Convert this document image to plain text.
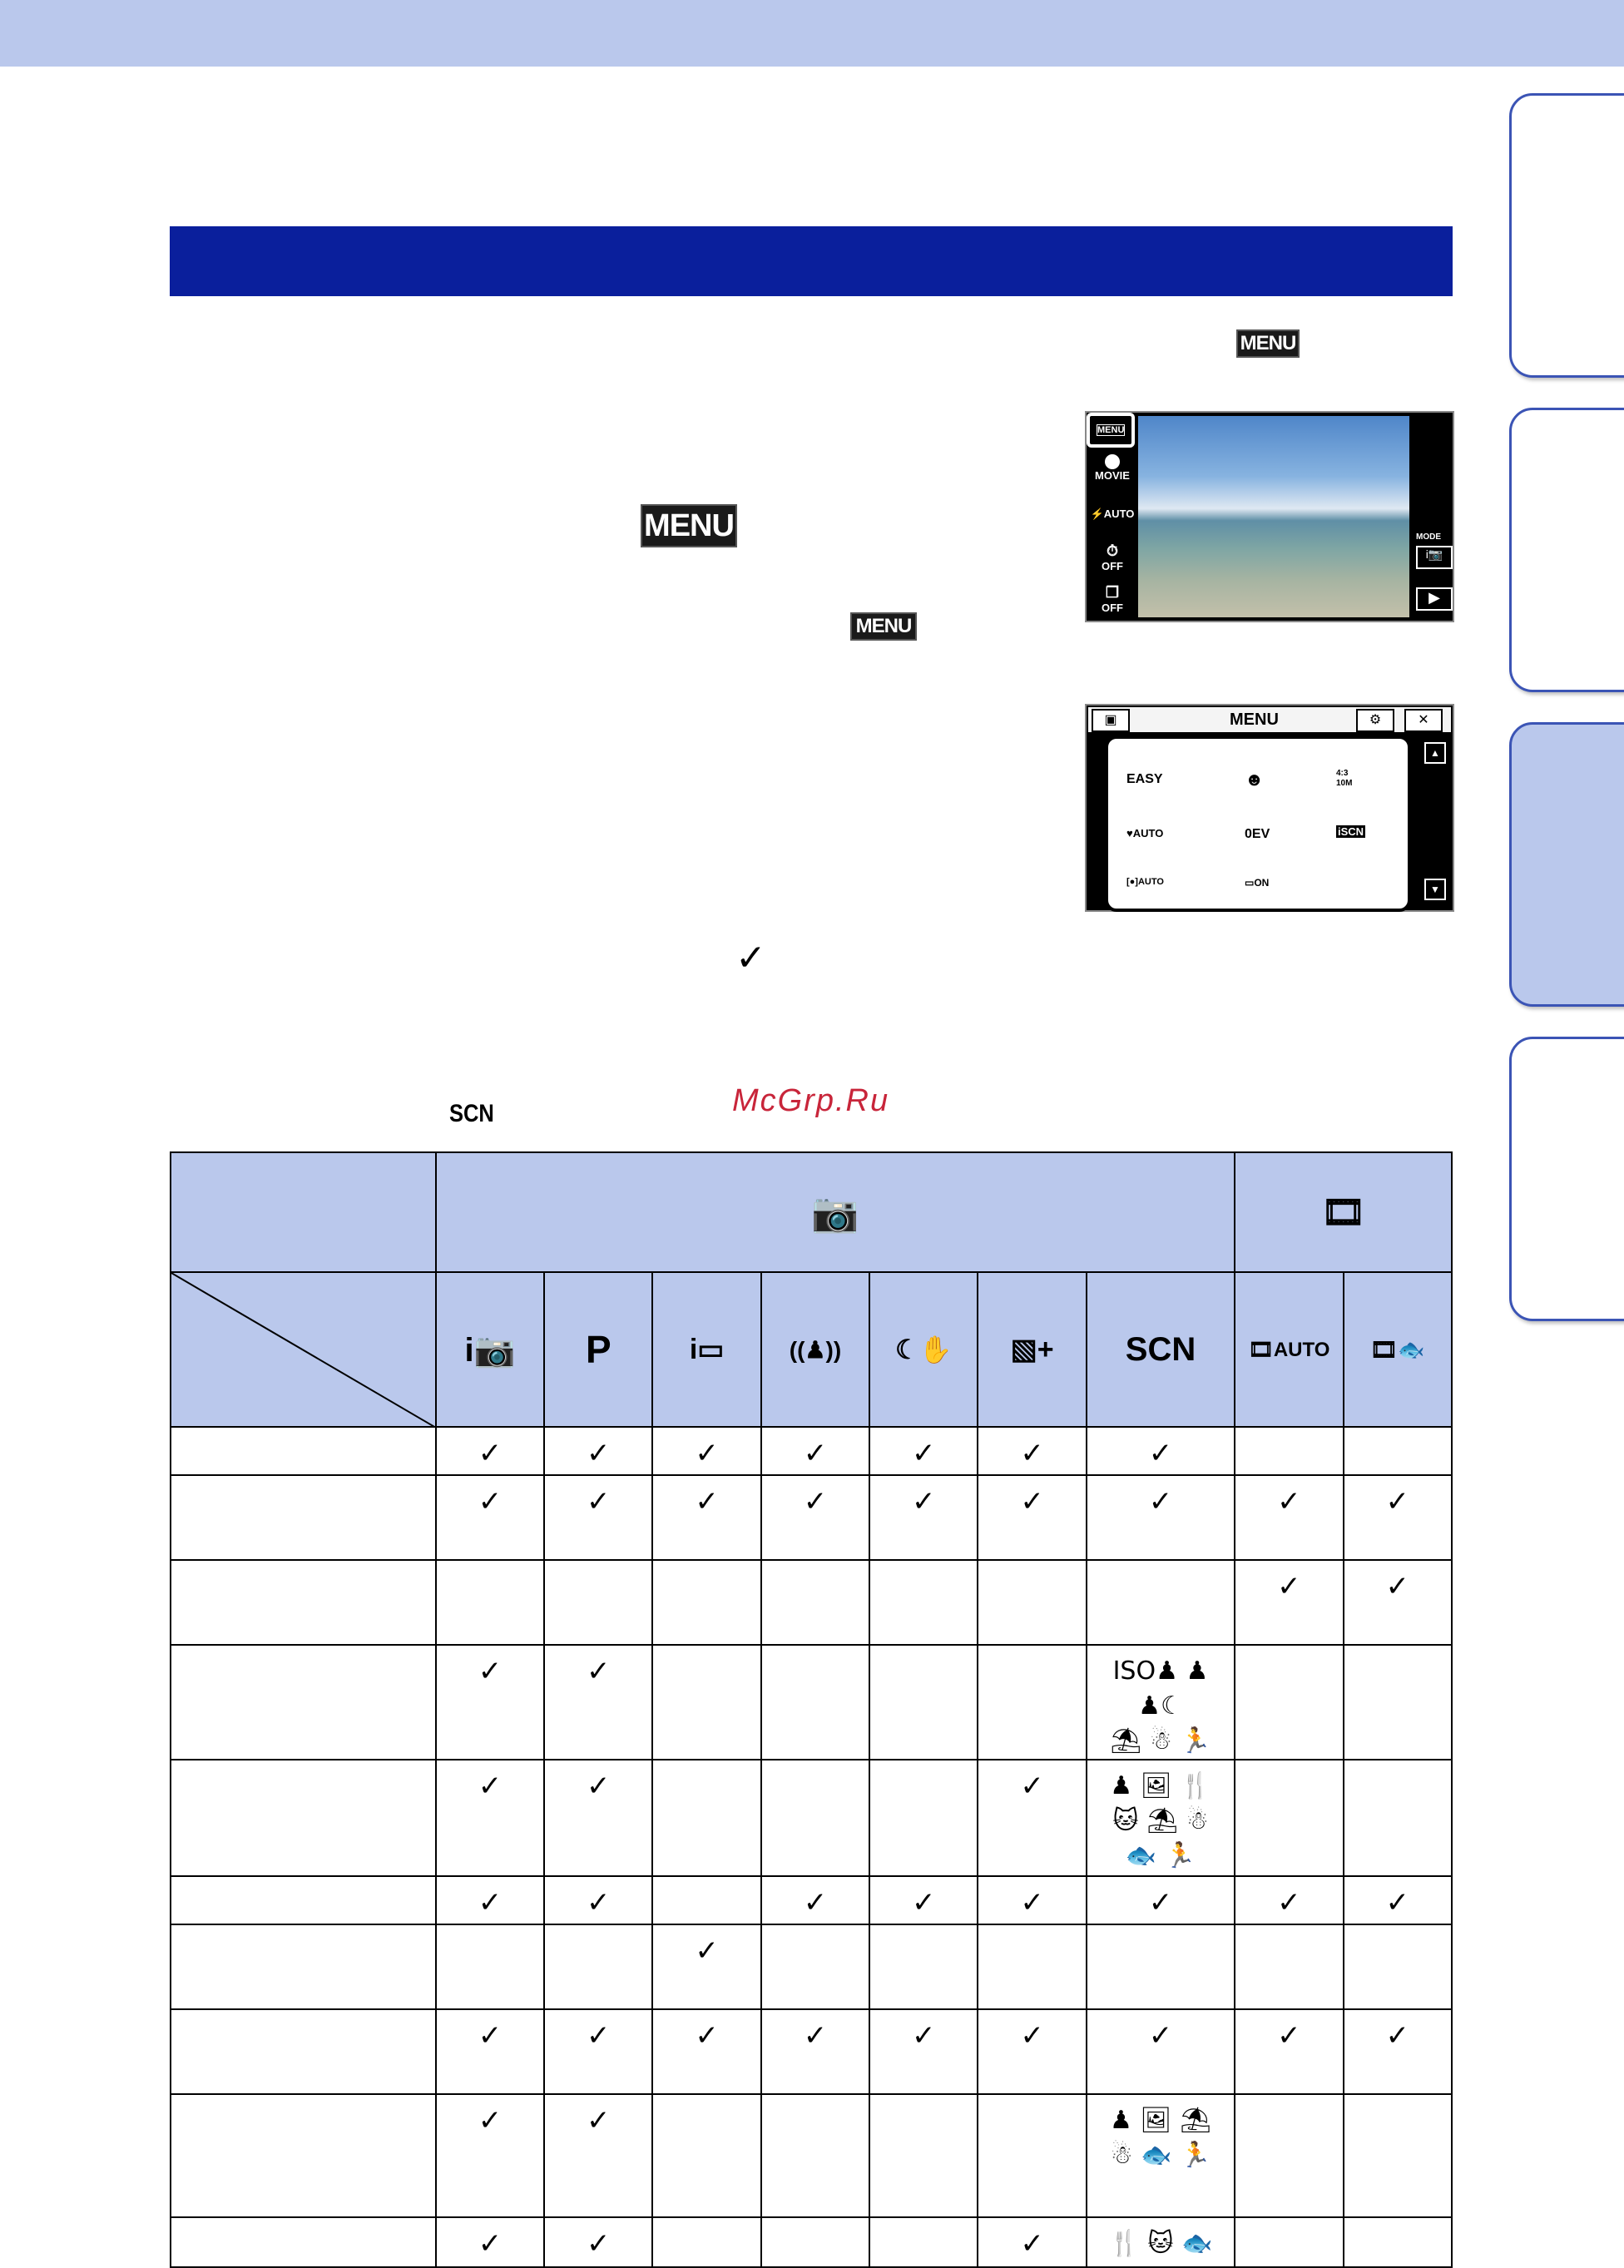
MENU
MENU
MENU
✓
SCN	McGrp.Ru
MENU
MOVIE
⚡AUTO
⏱
OFF
❐
OFF
MODE
i📷
▶
▣	MENU	⚙	✕
EASY	☻	4:3 10M
♥AUTO	0EV	iSCN
[●]AUTO	▭ON
▲
▼
	📷							🎞	

	i📷	P	i▭	((♟))	☾✋	▧+	SCN	🎞AUTO	🎞🐟

	✓	✓	✓	✓	✓	✓	✓		

	✓	✓	✓	✓	✓	✓	✓	✓	✓

								✓	✓

	✓	✓					ISO♟ ♟ ♟☾
⛱ ☃ 🏃		

	✓	✓				✓	♟ 🖼 🍴
🐱 ⛱ ☃
🐟 🏃		

	✓	✓		✓	✓	✓	✓	✓	✓

			✓						

	✓	✓	✓	✓	✓	✓	✓	✓	✓

	✓	✓					♟ 🖼 ⛱
☃ 🐟 🏃		

	✓	✓				✓	🍴 🐱 🐟		
